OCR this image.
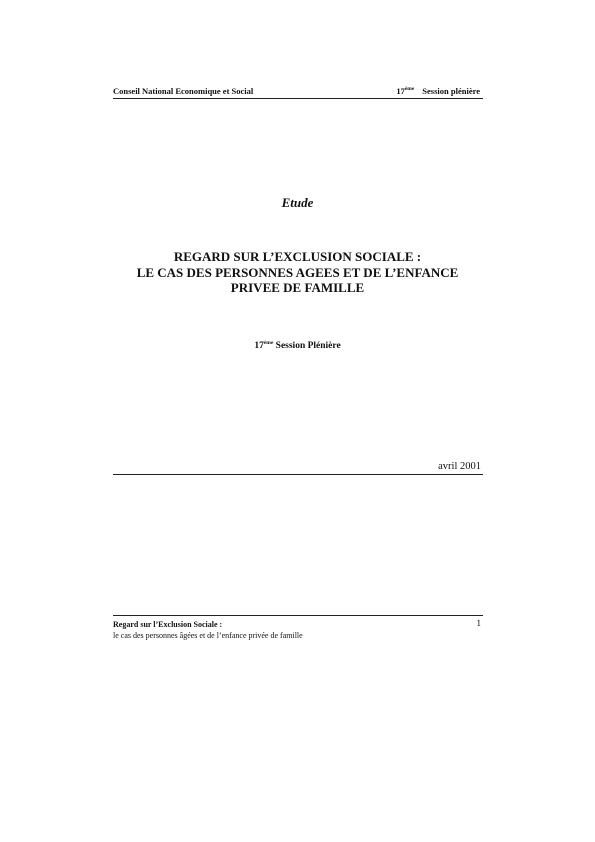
Conseil National Economique et Social	17ème Session plénière
Etude
REGARD SUR L’EXCLUSION SOCIALE :
LE CAS DES PERSONNES AGEES ET DE L’ENFANCE
PRIVEE DE FAMILLE
17ème Session Plénière
avril 2001
Regard sur l’Exclusion Sociale :
le cas des personnes âgées et de l’enfance privée de famille
1
